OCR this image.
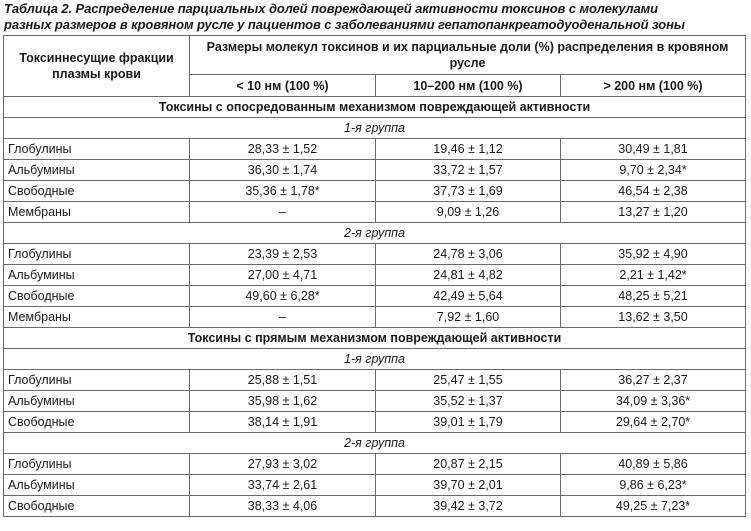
Таблица 2. Распределение парциальных долей повреждающей активности токсинов с молекулами
разных размеров в кровяном русле у пациентов с заболеваниями гепатопанкреатодуоденальной зоны
Токсиннесущие фракции плазмы крови	Размеры молекул токсинов и их парциальные доли (%) распределения в кровяном русле		
	< 10 нм (100 %)	10–200 нм (100 %)	> 200 нм (100 %)
Токсины с опосредованным механизмом повреждающей активности			
1-я группа			
Глобулины	28,33 ± 1,52	19,46 ± 1,12	30,49 ± 1,81
Альбумины	36,30 ± 1,74	33,72 ± 1,57	9,70 ± 2,34*
Свободные	35,36 ± 1,78*	37,73 ± 1,69	46,54 ± 2,38
Мембраны	–	9,09 ± 1,26	13,27 ± 1,20
2-я группа			
Глобулины	23,39 ± 2,53	24,78 ± 3,06	35,92 ± 4,90
Альбумины	27,00 ± 4,71	24,81 ± 4,82	2,21 ± 1,42*
Свободные	49,60 ± 6,28*	42,49 ± 5,64	48,25 ± 5,21
Мембраны	–	7,92 ± 1,60	13,62 ± 3,50
Токсины с прямым механизмом повреждающей активности			
1-я группа			
Глобулины	25,88 ± 1,51	25,47 ± 1,55	36,27 ± 2,37
Альбумины	35,98 ± 1,62	35,52 ± 1,37	34,09 ± 3,36*
Свободные	38,14 ± 1,91	39,01 ± 1,79	29,64 ± 2,70*
2-я группа			
Глобулины	27,93 ± 3,02	20,87 ± 2,15	40,89 ± 5,86
Альбумины	33,74 ± 2,61	39,70 ± 2,01	9,86 ± 6,23*
Свободные	38,33 ± 4,06	39,42 ± 3,72	49,25 ± 7,23*
